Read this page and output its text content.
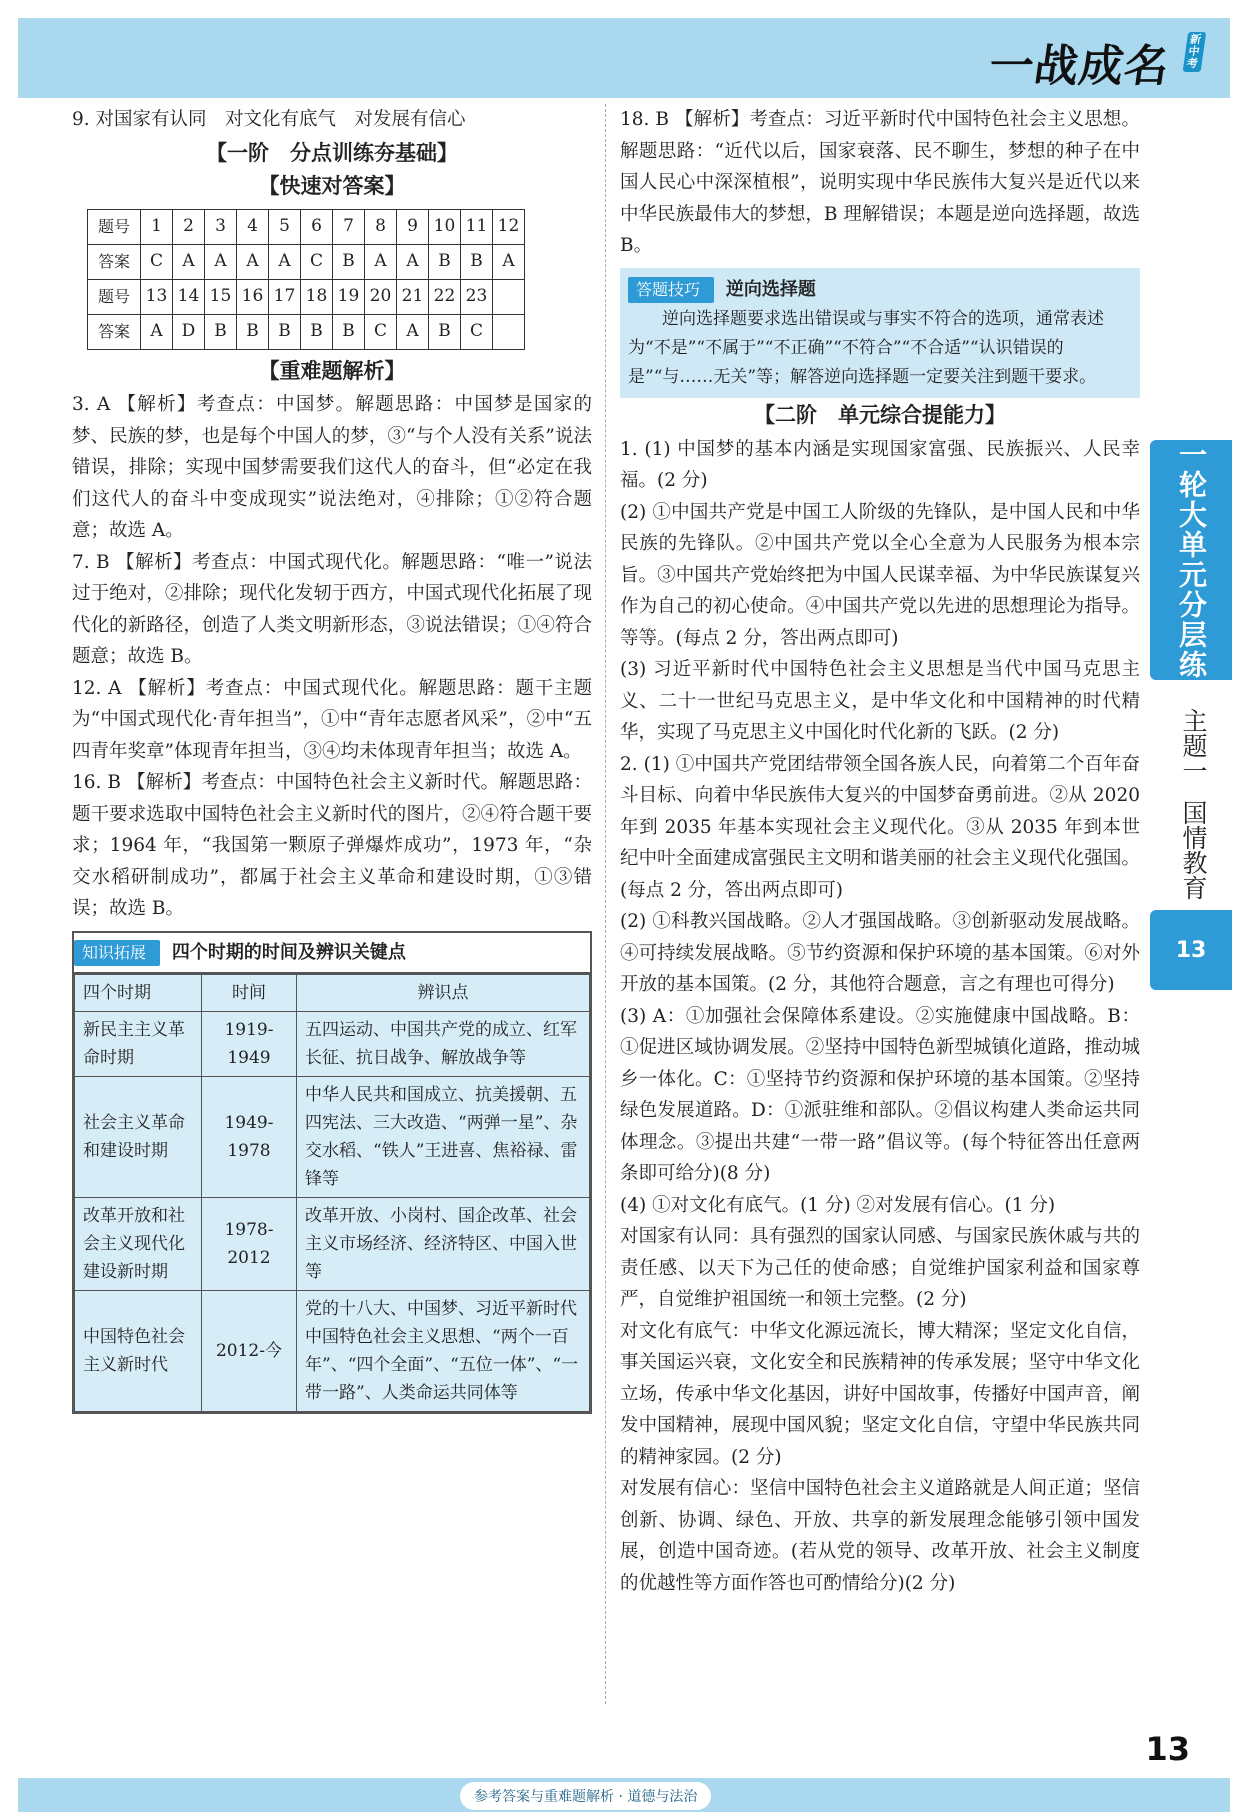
一战成名
新中考
一轮大单元分层练
主题一
国情教育
13

9. 对国家有认同　对文化有底气　对发展有信心

【一阶　分点训练夯基础】
【快速对答案】
题号	1	2	3	4	5	6	7	8	9	10	11	12
答案	C	A	A	A	A	C	B	A	A	B	B	A
题号	13	14	15	16	17	18	19	20	21	22	23	
答案	A	D	B	B	B	B	B	C	A	B	C	
【重难题解析】

3. A 【解析】考查点：中国梦。解题思路：中国梦是国家的梦、民族的梦，也是每个中国人的梦，③“与个人没有关系”说法错误，排除；实现中国梦需要我们这代人的奋斗，但“必定在我们这代人的奋斗中变成现实”说法绝对，④排除；①②符合题意；故选 A。

7. B 【解析】考查点：中国式现代化。解题思路：“唯一”说法过于绝对，②排除；现代化发轫于西方，中国式现代化拓展了现代化的新路径，创造了人类文明新形态，③说法错误；①④符合题意；故选 B。

12. A 【解析】考查点：中国式现代化。解题思路：题干主题为“中国式现代化·青年担当”，①中“青年志愿者风采”，②中“五四青年奖章”体现青年担当，③④均未体现青年担当；故选 A。

16. B 【解析】考查点：中国特色社会主义新时代。解题思路：题干要求选取中国特色社会主义新时代的图片，②④符合题干要求；1964 年，“我国第一颗原子弹爆炸成功”，1973 年，“杂交水稻研制成功”，都属于社会主义革命和建设时期，①③错误；故选 B。

知识拓展 四个时期的时间及辨识关键点
四个时期	时间	辨识点
新民主主义革命时期	1919-1949	五四运动、中国共产党的成立、红军长征、抗日战争、解放战争等
社会主义革命和建设时期	1949-1978	中华人民共和国成立、抗美援朝、五四宪法、三大改造、“两弹一星”、杂交水稻、“铁人”王进喜、焦裕禄、雷锋等
改革开放和社会主义现代化建设新时期	1978-2012	改革开放、小岗村、国企改革、社会主义市场经济、经济特区、中国入世等
中国特色社会主义新时代	2012-今	党的十八大、中国梦、习近平新时代中国特色社会主义思想、“两个一百年”、“四个全面”、“五位一体”、“一带一路”、人类命运共同体等

18. B 【解析】考查点：习近平新时代中国特色社会主义思想。解题思路：“近代以后，国家衰落、民不聊生，梦想的种子在中国人民心中深深植根”，说明实现中华民族伟大复兴是近代以来中华民族最伟大的梦想，B 理解错误；本题是逆向选择题，故选 B。

答题技巧 逆向选择题
逆向选择题要求选出错误或与事实不符合的选项，通常表述为“不是”“不属于”“不正确”“不符合”“不合适”“认识错误的是”“与……无关”等；解答逆向选择题一定要关注到题干要求。
【二阶　单元综合提能力】

1. (1) 中国梦的基本内涵是实现国家富强、民族振兴、人民幸福。(2 分)

(2) ①中国共产党是中国工人阶级的先锋队，是中国人民和中华民族的先锋队。②中国共产党以全心全意为人民服务为根本宗旨。③中国共产党始终把为中国人民谋幸福、为中华民族谋复兴作为自己的初心使命。④中国共产党以先进的思想理论为指导。等等。(每点 2 分，答出两点即可)

(3) 习近平新时代中国特色社会主义思想是当代中国马克思主义、二十一世纪马克思主义，是中华文化和中国精神的时代精华，实现了马克思主义中国化时代化新的飞跃。(2 分)

2. (1) ①中国共产党团结带领全国各族人民，向着第二个百年奋斗目标、向着中华民族伟大复兴的中国梦奋勇前进。②从 2020 年到 2035 年基本实现社会主义现代化。③从 2035 年到本世纪中叶全面建成富强民主文明和谐美丽的社会主义现代化强国。(每点 2 分，答出两点即可)

(2) ①科教兴国战略。②人才强国战略。③创新驱动发展战略。④可持续发展战略。⑤节约资源和保护环境的基本国策。⑥对外开放的基本国策。(2 分，其他符合题意，言之有理也可得分)

(3) A：①加强社会保障体系建设。②实施健康中国战略。B：①促进区域协调发展。②坚持中国特色新型城镇化道路，推动城乡一体化。C：①坚持节约资源和保护环境的基本国策。②坚持绿色发展道路。D：①派驻维和部队。②倡议构建人类命运共同体理念。③提出共建“一带一路”倡议等。(每个特征答出任意两条即可给分)(8 分)

(4) ①对文化有底气。(1 分) ②对发展有信心。(1 分)

对国家有认同：具有强烈的国家认同感、与国家民族休戚与共的责任感、以天下为己任的使命感；自觉维护国家利益和国家尊严，自觉维护祖国统一和领土完整。(2 分)

对文化有底气：中华文化源远流长，博大精深；坚定文化自信，事关国运兴衰，文化安全和民族精神的传承发展；坚守中华文化立场，传承中华文化基因，讲好中国故事，传播好中国声音，阐发中国精神，展现中国风貌；坚定文化自信，守望中华民族共同的精神家园。(2 分)

对发展有信心：坚信中国特色社会主义道路就是人间正道；坚信创新、协调、绿色、开放、共享的新发展理念能够引领中国发展，创造中国奇迹。(若从党的领导、改革开放、社会主义制度的优越性等方面作答也可酌情给分)(2 分)

13
参考答案与重难题解析 · 道德与法治
